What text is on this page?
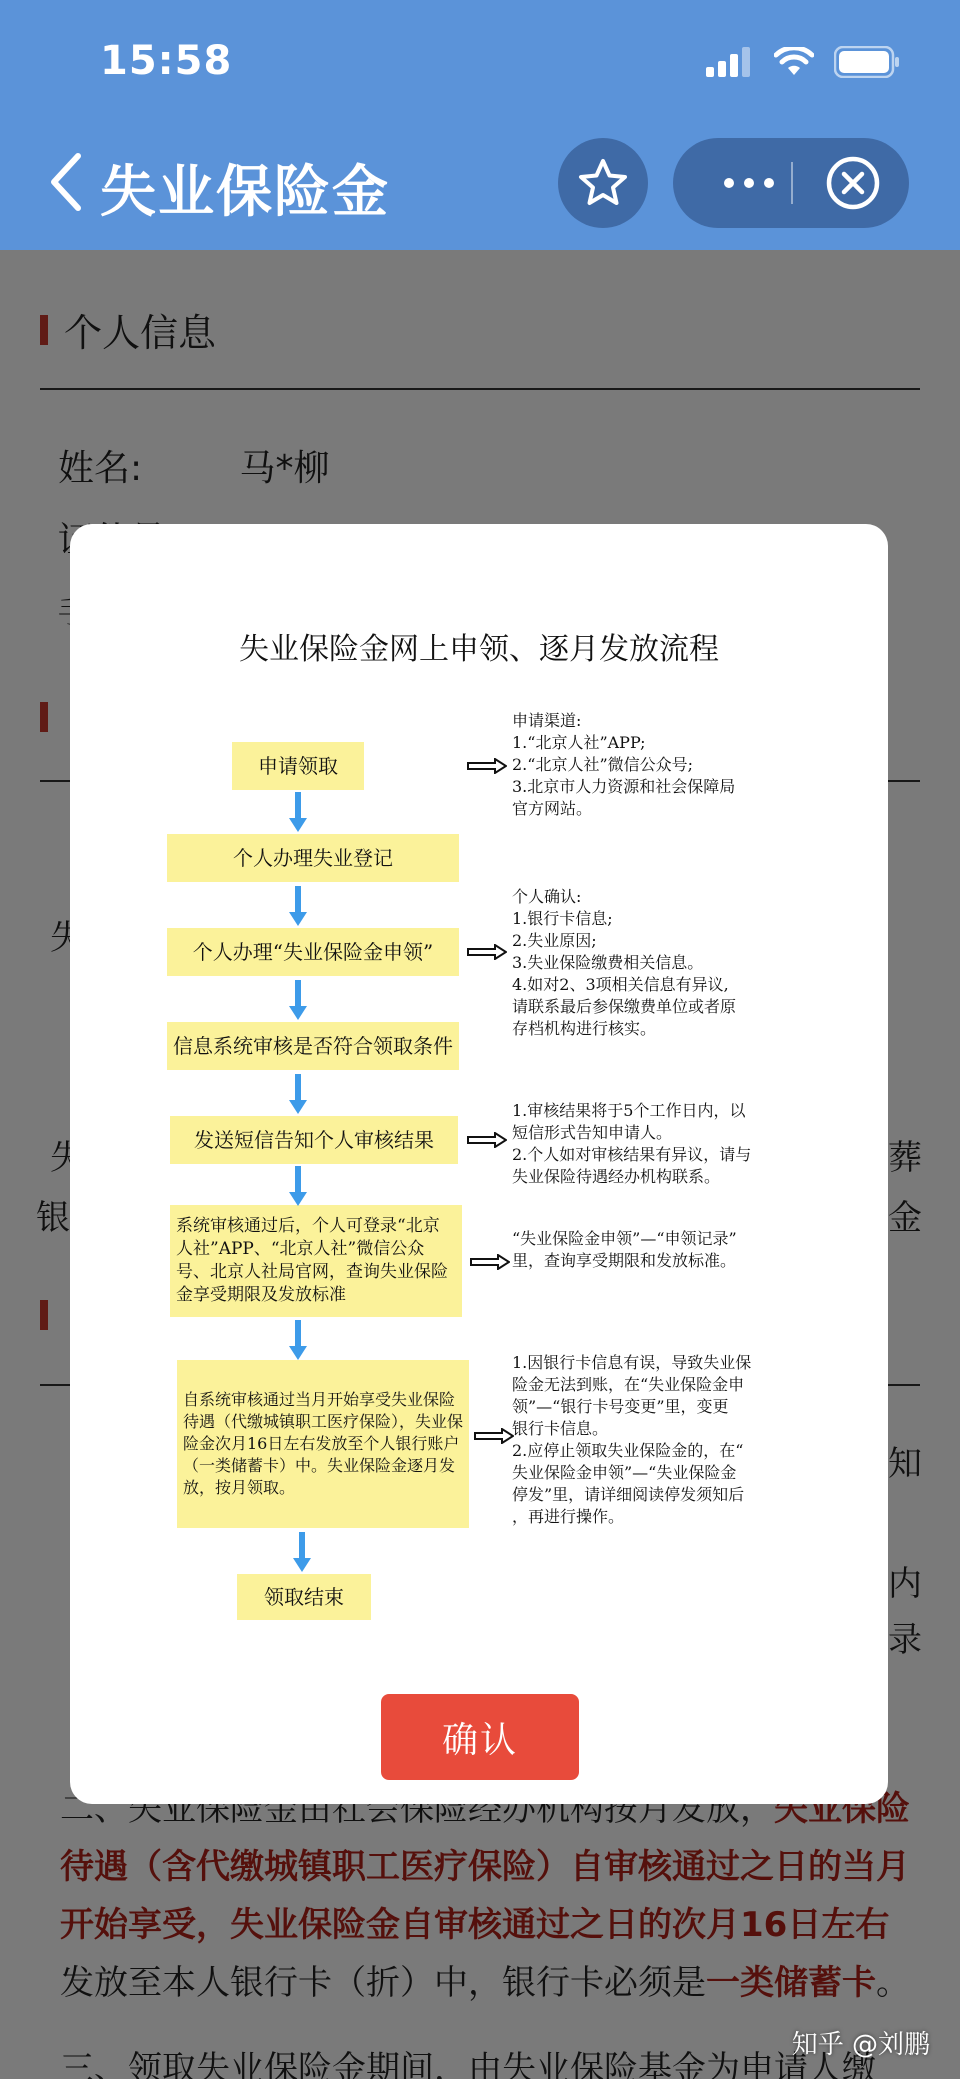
15:58
失业保险金
失业保险金网上申领、逐月发放流程
申请领取
个人办理失业登记
个人办理“失业保险金申领”
信息系统审核是否符合领取条件
发送短信告知个人审核结果
系统审核通过后，个人可登录“北京人社”APP、“北京人社”微信公众号、北京人社局官网，查询失业保险金享受期限及发放标准
自系统审核通过当月开始享受失业保险待遇（代缴城镇职工医疗保险），失业保险金次月16日左右发放至个人银行账户（一类储蓄卡）中。失业保险金逐月发放，按月领取。
领取结束
申请渠道:
1.“北京人社”APP;
2.“北京人社”微信公众号;
3.北京市人力资源和社会保障局
官方网站。
个人确认:
1.银行卡信息;
2.失业原因;
3.失业保险缴费相关信息。
4.如对2、3项相关信息有异议,
请联系最后参保缴费单位或者原
存档机构进行核实。
1.审核结果将于5个工作日内，以
短信形式告知申请人。
2.个人如对审核结果有异议，请与
失业保险待遇经办机构联系。
“失业保险金申领”—“申领记录”
里，查询享受期限和发放标准。
1.因银行卡信息有误，导致失业保
险金无法到账，在“失业保险金申
领”—“银行卡号变更”里，变更
银行卡信息。
2.应停止领取失业保险金的，在“
失业保险金申领”—“失业保险金
停发”里，请详细阅读停发须知后
，再进行操作。
确认
知乎 @刘鹏
